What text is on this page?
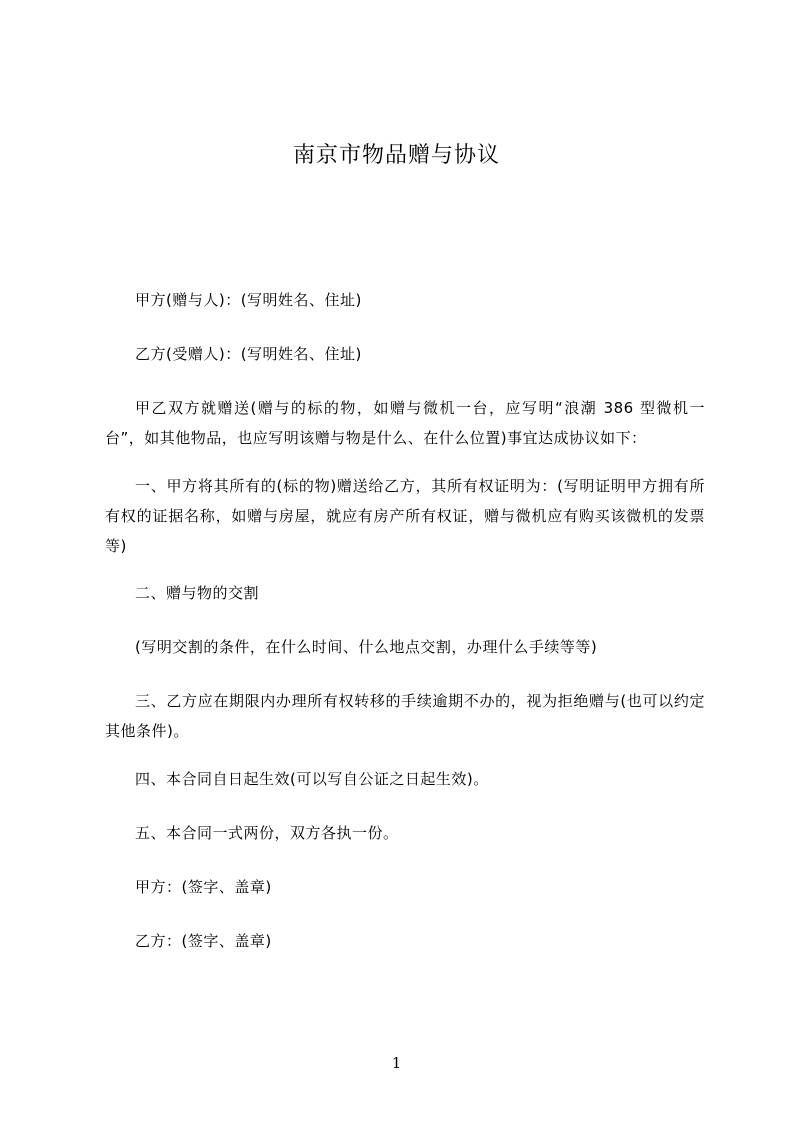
南京市物品赠与协议
甲方(赠与人)：(写明姓名、住址)
乙方(受赠人)：(写明姓名、住址)
甲乙双方就赠送(赠与的标的物，如赠与微机一台，应写明“浪潮 386 型微机一台”，如其他物品，也应写明该赠与物是什么、在什么位置)事宜达成协议如下：
一、甲方将其所有的(标的物)赠送给乙方，其所有权证明为：(写明证明甲方拥有所有权的证据名称，如赠与房屋，就应有房产所有权证，赠与微机应有购买该微机的发票等)
二、赠与物的交割
(写明交割的条件，在什么时间、什么地点交割，办理什么手续等等)
三、乙方应在期限内办理所有权转移的手续逾期不办的，视为拒绝赠与(也可以约定其他条件)。
四、本合同自日起生效(可以写自公证之日起生效)。
五、本合同一式两份，双方各执一份。
甲方：(签字、盖章)
乙方：(签字、盖章)
1
